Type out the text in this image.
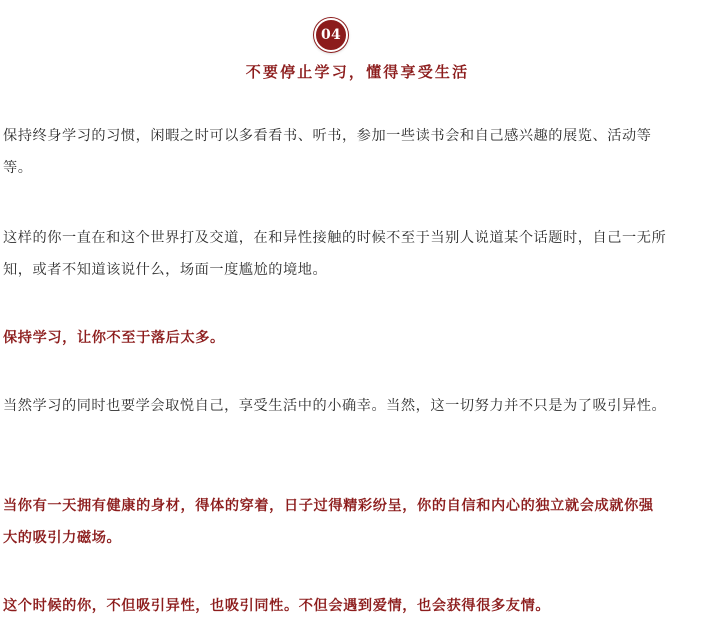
04
不要停止学习，懂得享受生活

保持终身学习的习惯，闲暇之时可以多看看书、听书，参加一些读书会和自己感兴趣的展览、活动等等。

这样的你一直在和这个世界打及交道，在和异性接触的时候不至于当别人说道某个话题时，自己一无所知，或者不知道该说什么，场面一度尴尬的境地。

保持学习，让你不至于落后太多。

当然学习的同时也要学会取悦自己，享受生活中的小确幸。当然，这一切努力并不只是为了吸引异性。

当你有一天拥有健康的身材，得体的穿着，日子过得精彩纷呈，你的自信和内心的独立就会成就你强大的吸引力磁场。

这个时候的你，不但吸引异性，也吸引同性。不但会遇到爱情，也会获得很多友情。
